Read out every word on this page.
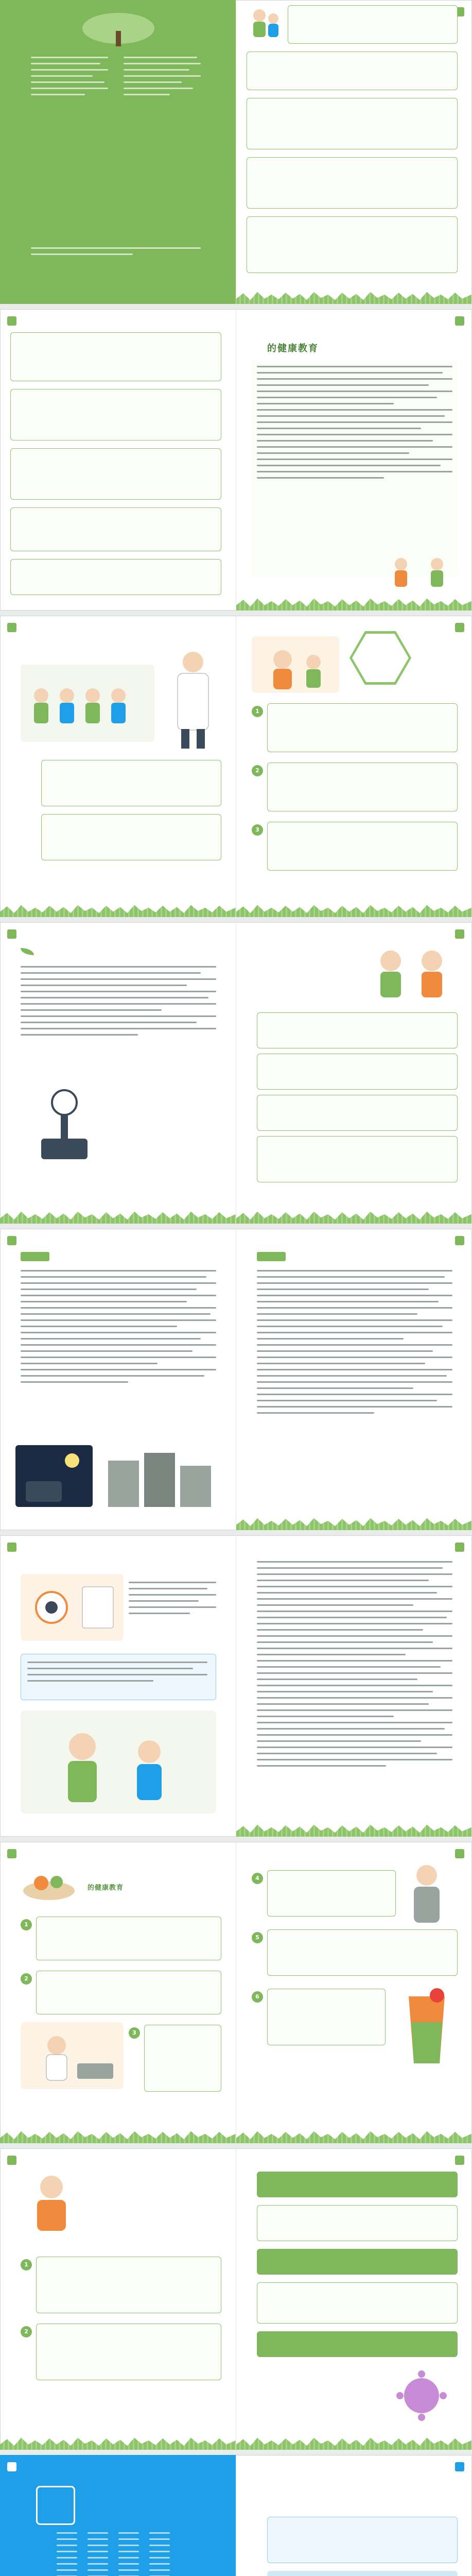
的健康教育
1
2
3
的健康教育
1
2
3
4
5
6
1
2
